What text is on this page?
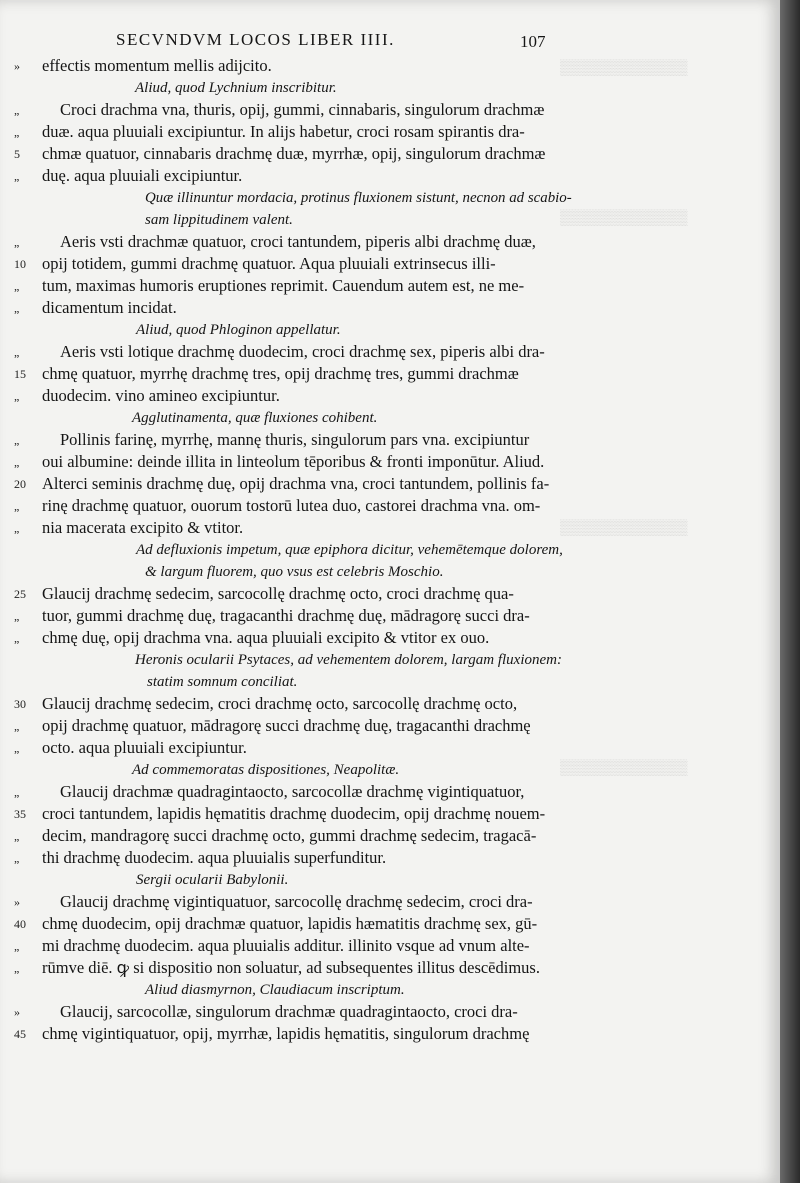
▒▒▒▒▒▒▒▒▒▒▒▒
▒▒▒▒▒▒▒▒▒▒▒▒
▒▒▒▒▒▒▒▒▒▒▒▒
▒▒▒▒▒▒▒▒▒▒▒▒
SECVNDVM LOCOS LIBER IIII.	107
»	effectis momentum mellis adijcito.
Aliud, quod Lychnium inscribitur.
„	Croci drachma vna, thuris, opij, gummi, cinnabaris, singulorum drachmæ
„	duæ. aqua pluuiali excipiuntur. In alijs habetur, croci rosam spirantis dra-
5	chmæ quatuor, cinnabaris drachmę duæ, myrrhæ, opij, singulorum drachmæ
„	duę. aqua pluuiali excipiuntur.
Quæ illinuntur mordacia, protinus fluxionem sistunt, necnon ad scabio-
sam lippitudinem valent.
„	Aeris vsti drachmæ quatuor, croci tantundem, piperis albi drachmę duæ,
10 opij totidem, gummi drachmę quatuor. Aqua pluuiali extrinsecus illi-
„	tum, maximas humoris eruptiones reprimit. Cauendum autem est, ne me-
„	dicamentum incidat.
Aliud, quod Phloginon appellatur.
„	Aeris vsti lotique drachmę duodecim, croci drachmę sex, piperis albi dra-
15 chmę quatuor, myrrhę drachmę tres, opij drachmę tres, gummi drachmæ
„	duodecim. vino amineo excipiuntur.
Agglutinamenta, quæ fluxiones cohibent.
„	Pollinis farinę, myrrhę, mannę thuris, singulorum pars vna. excipiuntur
„	oui albumine: deinde illita in linteolum tēporibus & fronti imponūtur. Aliud.
20 Alterci seminis drachmę duę, opij drachma vna, croci tantundem, pollinis fa-
„	rinę drachmę quatuor, ouorum tostorū lutea duo, castorei drachma vna. om-
„	nia macerata excipito & vtitor.
Ad defluxionis impetum, quæ epiphora dicitur, vehemētemque dolorem,
& largum fluorem, quo vsus est celebris Moschio.
25 Glaucij drachmę sedecim, sarcocollę drachmę octo, croci drachmę qua-
„	tuor, gummi drachmę duę, tragacanthi drachmę duę, mādragorę succi dra-
„	chmę duę, opij drachma vna. aqua pluuiali excipito & vtitor ex ouo.
Heronis ocularii Psytaces, ad vehementem dolorem, largam fluxionem:
statim somnum conciliat.
30 Glaucij drachmę sedecim, croci drachmę octo, sarcocollę drachmę octo,
„	opij drachmę quatuor, mādragorę succi drachmę duę, tragacanthi drachmę
„	octo. aqua pluuiali excipiuntur.
Ad commemoratas dispositiones, Neapolitæ.
„	Glaucij drachmæ quadragintaocto, sarcocollæ drachmę vigintiquatuor,
35 croci tantundem, lapidis hęmatitis drachmę duodecim, opij drachmę nouem-
„	decim, mandragorę succi drachmę octo, gummi drachmę sedecim, tragacā-
„	thi drachmę duodecim. aqua pluuialis superfunditur.
Sergii ocularii Babylonii.
»	Glaucij drachmę vigintiquatuor, sarcocollę drachmę sedecim, croci dra-
40 chmę duodecim, opij drachmæ quatuor, lapidis hæmatitis drachmę sex, gū-
„	mi drachmę duodecim. aqua pluuialis additur. illinito vsque ad vnum alte-
„	rūmve diē. ꝙ si dispositio non soluatur, ad subsequentes illitus descēdimus.
Aliud diasmyrnon, Claudiacum inscriptum.
»	Glaucij, sarcocollæ, singulorum drachmæ quadragintaocto, croci dra-
45 chmę vigintiquatuor, opij, myrrhæ, lapidis hęmatitis, singulorum drachmę
